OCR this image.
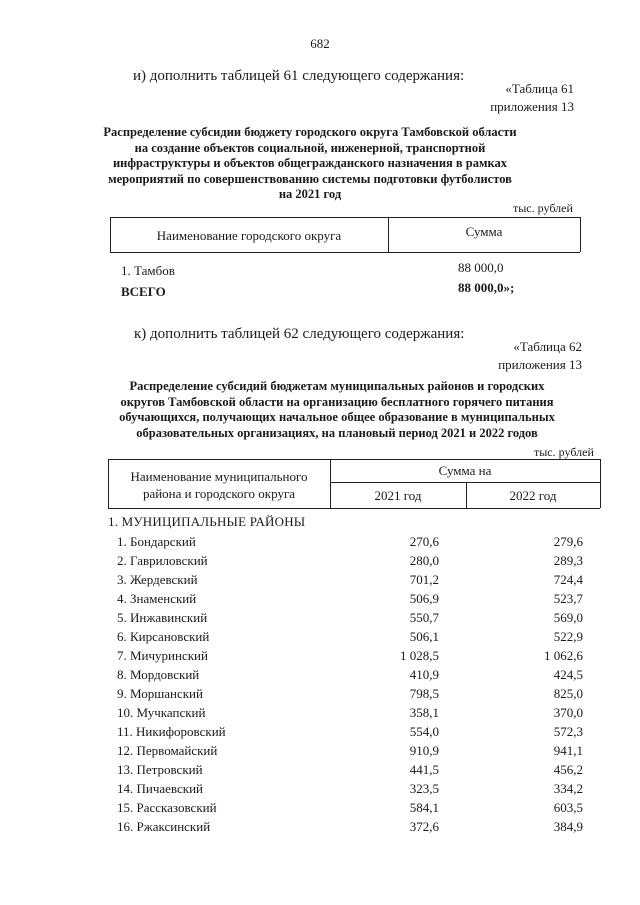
682
и) дополнить таблицей 61 следующего содержания:
«Таблица 61
приложения 13
Распределение субсидии бюджету городского округа Тамбовской области
на создание объектов социальной, инженерной, транспортной
инфраструктуры и объектов общегражданского назначения в рамках
мероприятий по совершенствованию системы подготовки футболистов
на 2021 год
тыс. рублей
Наименование городского округа	Сумма
1. Тамбов	88 000,0
ВСЕГО	88 000,0»;
к) дополнить таблицей 62 следующего содержания:
«Таблица 62
приложения 13
Распределение субсидий бюджетам муниципальных районов и городских
округов Тамбовской области на организацию бесплатного горячего питания
обучающихся, получающих начальное общее образование в муниципальных
образовательных организациях, на плановый период 2021 и 2022 годов
тыс. рублей
Наименование муниципального
района и городского округа
Сумма на
2021 год	2022 год
1. МУНИЦИПАЛЬНЫЕ РАЙОНЫ
1. Бондарский	270,6	279,6
2. Гавриловский	280,0	289,3
3. Жердевский	701,2	724,4
4. Знаменский	506,9	523,7
5. Инжавинский	550,7	569,0
6. Кирсановский	506,1	522,9
7. Мичуринский	1 028,5	1 062,6
8. Мордовский	410,9	424,5
9. Моршанский	798,5	825,0
10. Мучкапский	358,1	370,0
11. Никифоровский	554,0	572,3
12. Первомайский	910,9	941,1
13. Петровский	441,5	456,2
14. Пичаевский	323,5	334,2
15. Рассказовский	584,1	603,5
16. Ржаксинский	372,6	384,9
